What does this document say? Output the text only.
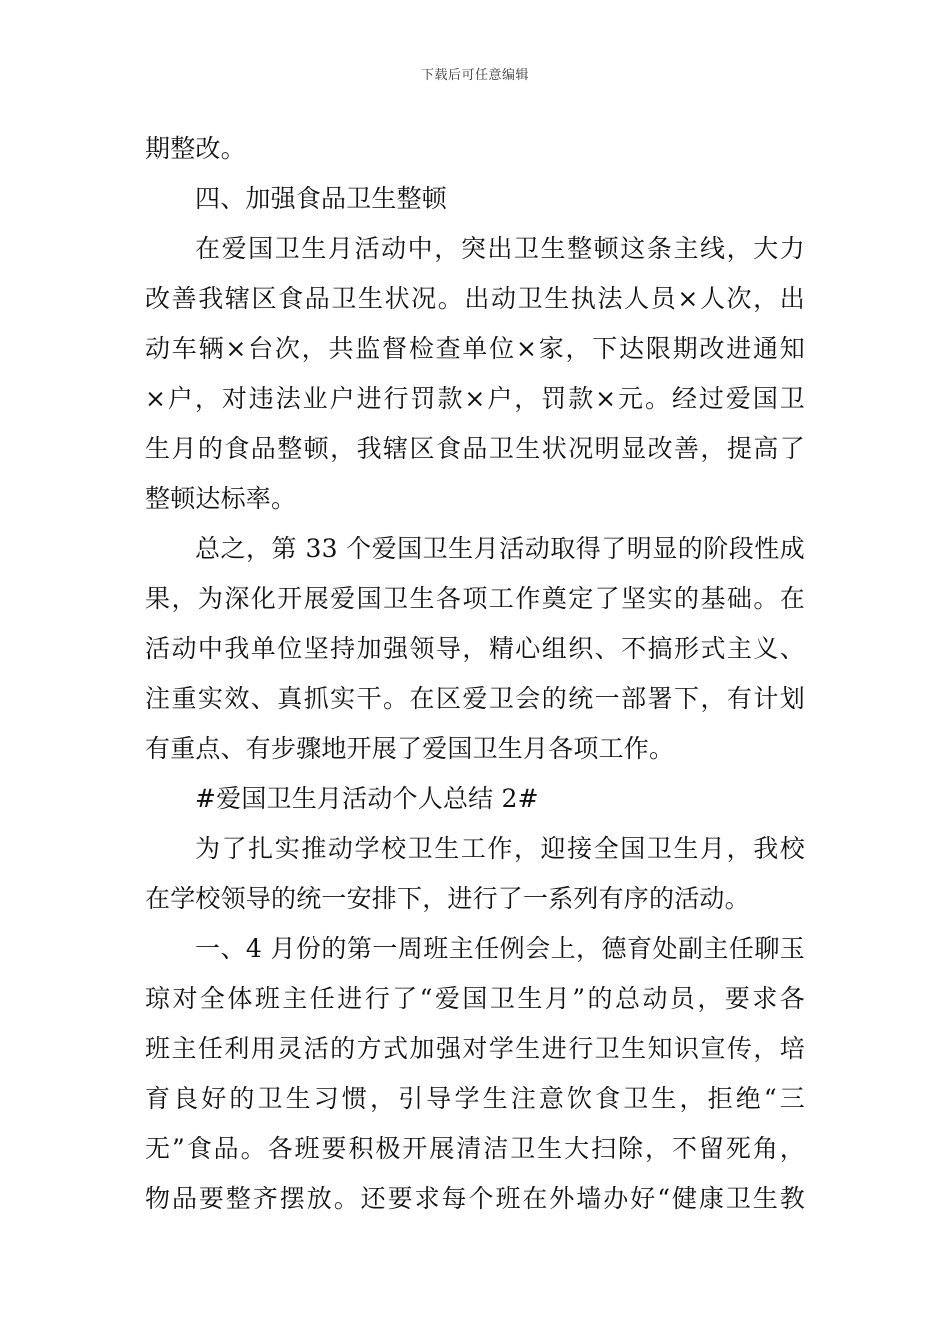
下载后可任意编辑
期整改。
四、加强食品卫生整顿
在爱国卫生月活动中，突出卫生整顿这条主线，大力
改善我辖区食品卫生状况。出动卫生执法人员×人次，出
动车辆×台次，共监督检查单位×家，下达限期改进通知
×户，对违法业户进行罚款×户，罚款×元。经过爱国卫
生月的食品整顿，我辖区食品卫生状况明显改善，提高了
整顿达标率。
总之，第 33 个爱国卫生月活动取得了明显的阶段性成
果，为深化开展爱国卫生各项工作奠定了坚实的基础。在
活动中我单位坚持加强领导，精心组织、不搞形式主义、
注重实效、真抓实干。在区爱卫会的统一部署下，有计划
有重点、有步骤地开展了爱国卫生月各项工作。
#爱国卫生月活动个人总结 2#
为了扎实推动学校卫生工作，迎接全国卫生月，我校
在学校领导的统一安排下，进行了一系列有序的活动。
一、4 月份的第一周班主任例会上，德育处副主任聊玉
琼对全体班主任进行了“爱国卫生月”的总动员，要求各
班主任利用灵活的方式加强对学生进行卫生知识宣传，培
育良好的卫生习惯，引导学生注意饮食卫生，拒绝“三
无”食品。各班要积极开展清洁卫生大扫除，不留死角，
物品要整齐摆放。还要求每个班在外墙办好“健康卫生教
